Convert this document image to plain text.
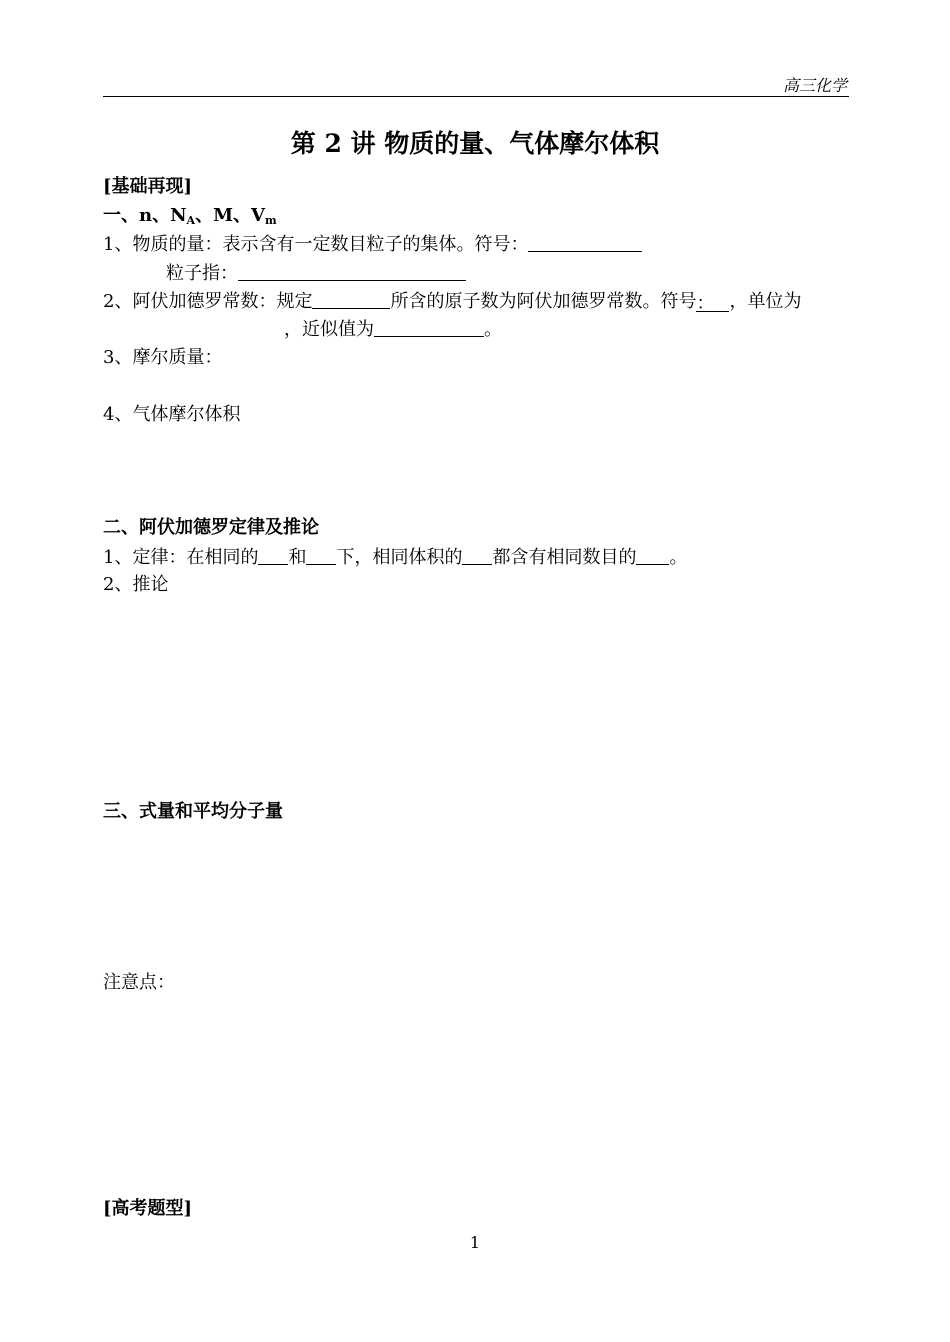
高三化学
第 2 讲 物质的量、气体摩尔体积
[基础再现]
一、n、$N_A$、M、$V_m$
1、物质的量：表示含有一定数目粒子的集体。符号：
粒子指：
2、阿伏加德罗常数：规定	所含的原子数为阿伏加德罗常数。符号： ，单位为
，近似值为	。
3、摩尔质量：
4、气体摩尔体积
二、阿伏加德罗定律及推论
1、定律：在相同的 和 下，相同体积的 都含有相同数目的 。
2、推论
三、式量和平均分子量
注意点：
[高考题型]
1
